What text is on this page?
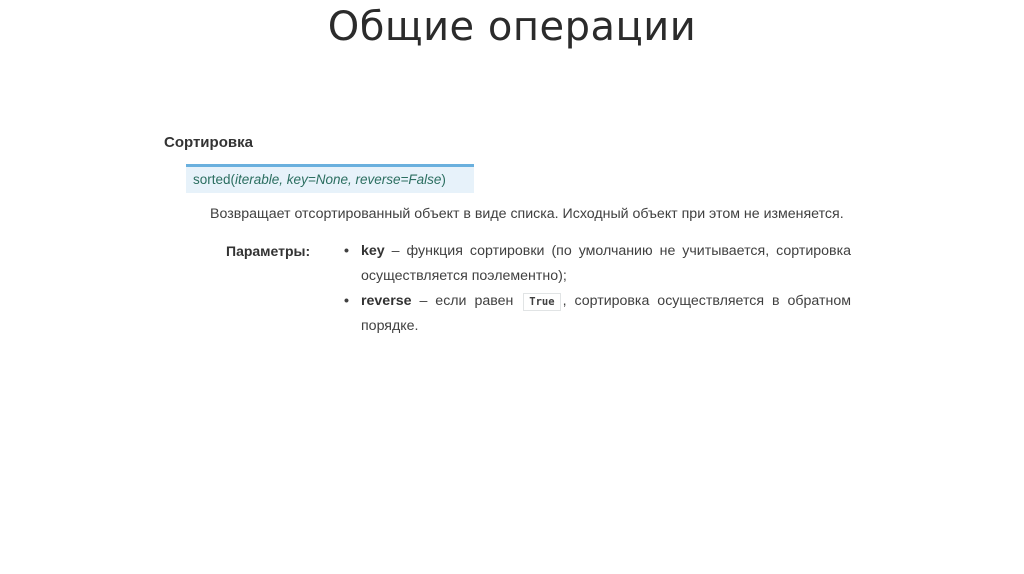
Общие операции
Сортировка
sorted(iterable, key=None, reverse=False)
Возвращает отсортированный объект в виде списка. Исходный объект при этом не изменяется.
Параметры:	• key – функция сортировки (по умолчанию не учитывается, сортировка осуществляется поэлементно);
• reverse – если равен True , сортировка осуществляется в обратном порядке.
